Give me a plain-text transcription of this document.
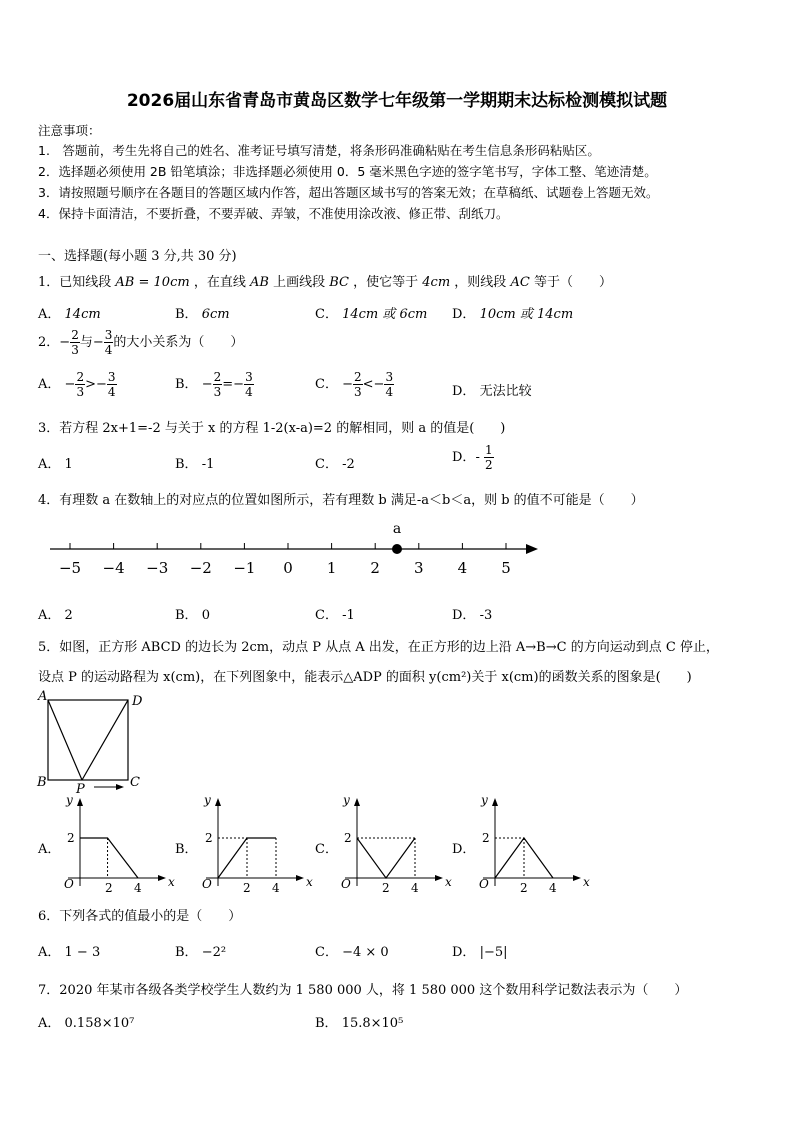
2026届山东省青岛市黄岛区数学七年级第一学期期末达标检测模拟试题
注意事项：
1.　答题前，考生先将自己的姓名、准考证号填写清楚，将条形码准确粘贴在考生信息条形码粘贴区。
2．选择题必须使用 2B 铅笔填涂；非选择题必须使用 0．5 毫米黑色字迹的签字笔书写，字体工整、笔迹清楚。
3．请按照题号顺序在各题目的答题区域内作答，超出答题区域书写的答案无效；在草稿纸、试题卷上答题无效。
4．保持卡面清洁，不要折叠，不要弄破、弄皱，不准使用涂改液、修正带、刮纸刀。
一、选择题(每小题 3 分,共 30 分)
1．已知线段 AB = 10cm ，在直线 AB 上画线段 BC ，使它等于 4cm ，则线段 AC 等于（　　）
A． 14cm	B． 6cm	C． 14cm 或 6cm D． 10cm 或 14cm
2．− $\frac{2}{3}$ 与− $\frac{3}{4}$ 的大小关系为（　　）
A． − $\frac{2}{3} >- \frac{3}{4}$	B． − $\frac{2}{3} =- \frac{3}{4}$	C． − $\frac{2}{3} <- \frac{3}{4}$	D． 无法比较
3．若方程 2x+1=-2 与关于 x 的方程 1-2(x-a)=2 的解相同，则 a 的值是(　　)
A． 1	B． -1	C． -2	D．- $\frac{1}{2}$
4．有理数 a 在数轴上的对应点的位置如图所示，若有理数 b 满足-a＜b＜a，则 b 的值不可能是（　　）
−5 −4 −3 −2 −1 0 1 2 3 4 5
a
A． 2	B． 0	C． -1	D． -3
5．如图，正方形 ABCD 的边长为 2cm，动点 P 从点 A 出发，在正方形的边上沿 A→B→C 的方向运动到点 C 停止，
设点 P 的运动路程为 x(cm)，在下列图象中，能表示△ADP 的面积 y(cm²)关于 x(cm)的函数关系的图象是(　　)
A	D
B	C
P
A．	B．	C．	D．
y
x
O
2
2 4
y
x
O
2
2 4
y
x
O
2
2 4
y
x
O
2
2 4
6．下列各式的值最小的是（　　）
A． 1 − 3	B． −2²	C． −4 × 0	D． |−5|
7．2020 年某市各级各类学校学生人数约为 1 580 000 人，将 1 580 000 这个数用科学记数法表示为（　　）
A． 0.158×10⁷	B． 15.8×10⁵
